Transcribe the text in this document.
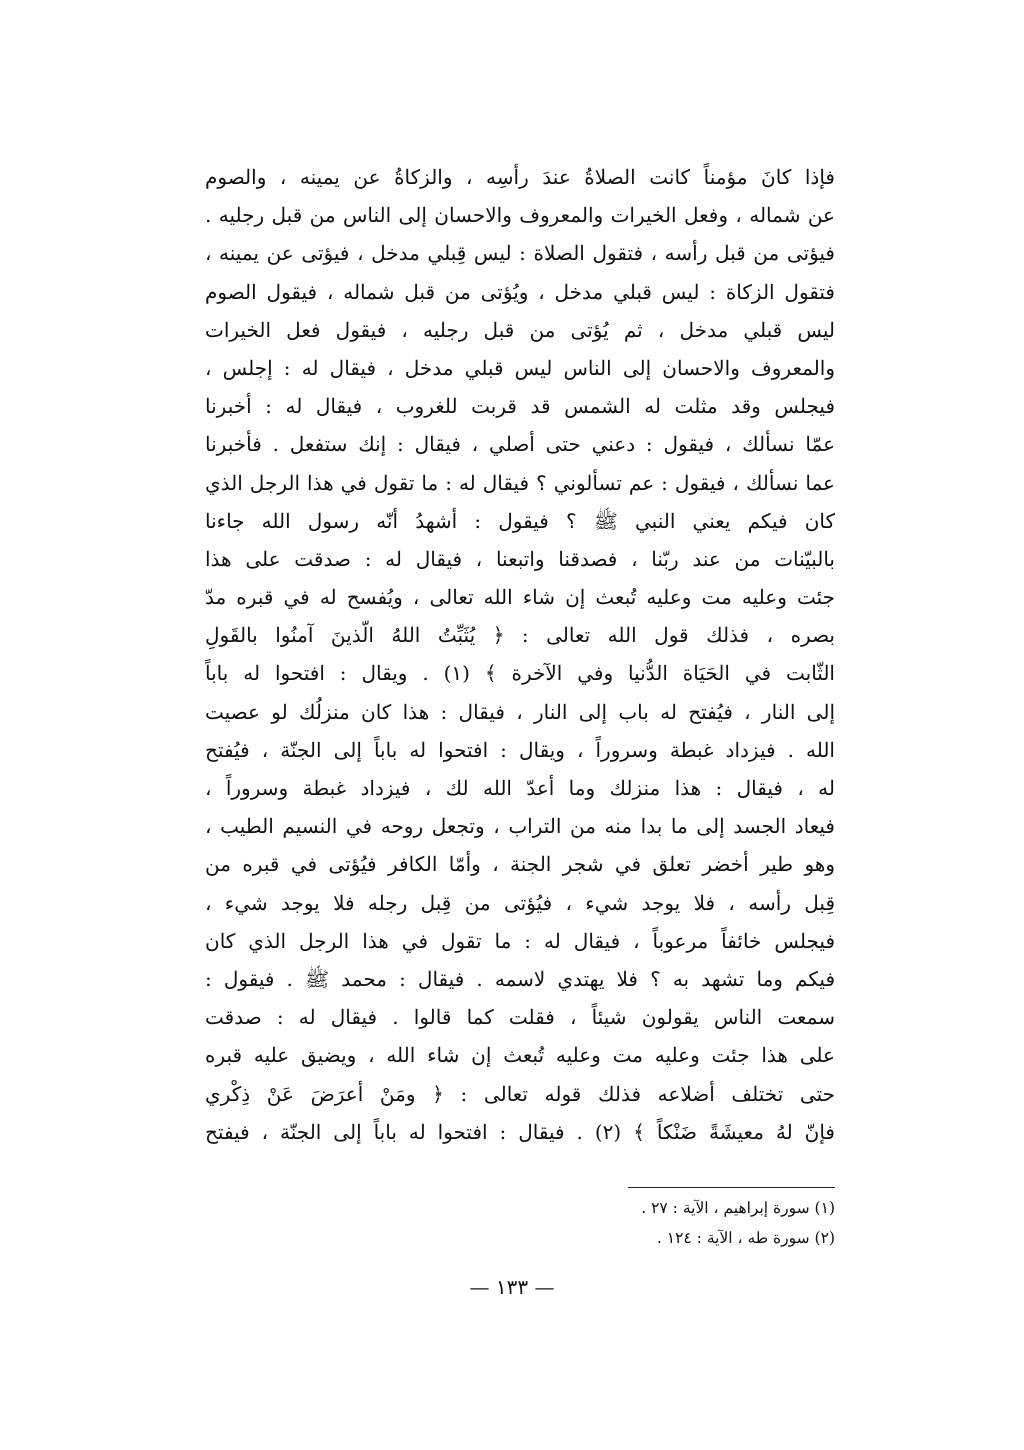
فإذا كانَ مؤمناً كانت الصلاةُ عندَ رأسِه ، والزكاةُ عن يمينه ، والصوم
عن شماله ، وفعل الخيرات والمعروف والاحسان إلى الناس من قبل رجليه .
فيؤتى من قبل رأسه ، فتقول الصلاة : ليس قِبلي مدخل ، فيؤتى عن يمينه ،
فتقول الزكاة : ليس قبلي مدخل ، ويُؤتى من قبل شماله ، فيقول الصوم
ليس قبلي مدخل ، ثم يُؤتى من قبل رجليه ، فيقول فعل الخيرات
والمعروف والاحسان إلى الناس ليس قبلي مدخل ، فيقال له : إجلس ،
فيجلس وقد مثلت له الشمس قد قربت للغروب ، فيقال له : أخبرنا
عمّا نسألك ، فيقول : دعني حتى أصلي ، فيقال : إنك ستفعل . فأخبرنا
عما نسألك ، فيقول : عم تسألوني ؟ فيقال له : ما تقول في هذا الرجل الذي
كان فيكم يعني النبي ﷺ ؟ فيقول : أشهدُ أنّه رسول الله جاءنا
بالبيّنات من عند ربّنا ، فصدقنا واتبعنا ، فيقال له : صدقت على هذا
جئت وعليه مت وعليه تُبعث إن شاء الله تعالى ، ويُفسح له في قبره مدّ
بصره ، فذلك قول الله تعالى : ﴿ يُثَبِّتُ اللهُ الّذينَ آمنُوا بالقَولِ
الثّابت في الحَيَاة الدُّنيا وفي الآخرة ﴾ (١) . ويقال : افتحوا له باباً
إلى النار ، فيُفتح له باب إلى النار ، فيقال : هذا كان منزلُك لو عصيت
الله . فيزداد غبطة وسروراً ، ويقال : افتحوا له باباً إلى الجنّة ، فيُفتح
له ، فيقال : هذا منزلك وما أعدّ الله لك ، فيزداد غبطة وسروراً ،
فيعاد الجسد إلى ما بدا منه من التراب ، وتجعل روحه في النسيم الطيب ،
وهو طير أخضر تعلق في شجر الجنة ، وأمّا الكافر فيُؤتى في قبره من
قِبل رأسه ، فلا يوجد شيء ، فيُؤتى من قِبل رجله فلا يوجد شيء ،
فيجلس خائفاً مرعوباً ، فيقال له : ما تقول في هذا الرجل الذي كان
فيكم وما تشهد به ؟ فلا يهتدي لاسمه . فيقال : محمد ﷺ . فيقول :
سمعت الناس يقولون شيئاً ، فقلت كما قالوا . فيقال له : صدقت
على هذا جئت وعليه مت وعليه تُبعث إن شاء الله ، ويضيق عليه قبره
حتى تختلف أضلاعه فذلك قوله تعالى : ﴿ ومَنْ أعرَضَ عَنْ ذِكْري
فإنّ لهُ معيشَةً ضَنْكاً ﴾ (٢) . فيقال : افتحوا له باباً إلى الجنّة ، فيفتح
(١) سورة إبراهيم ، الآية : ٢٧ .
(٢) سورة طه ، الآية : ١٢٤ .
— ١٣٣ —
